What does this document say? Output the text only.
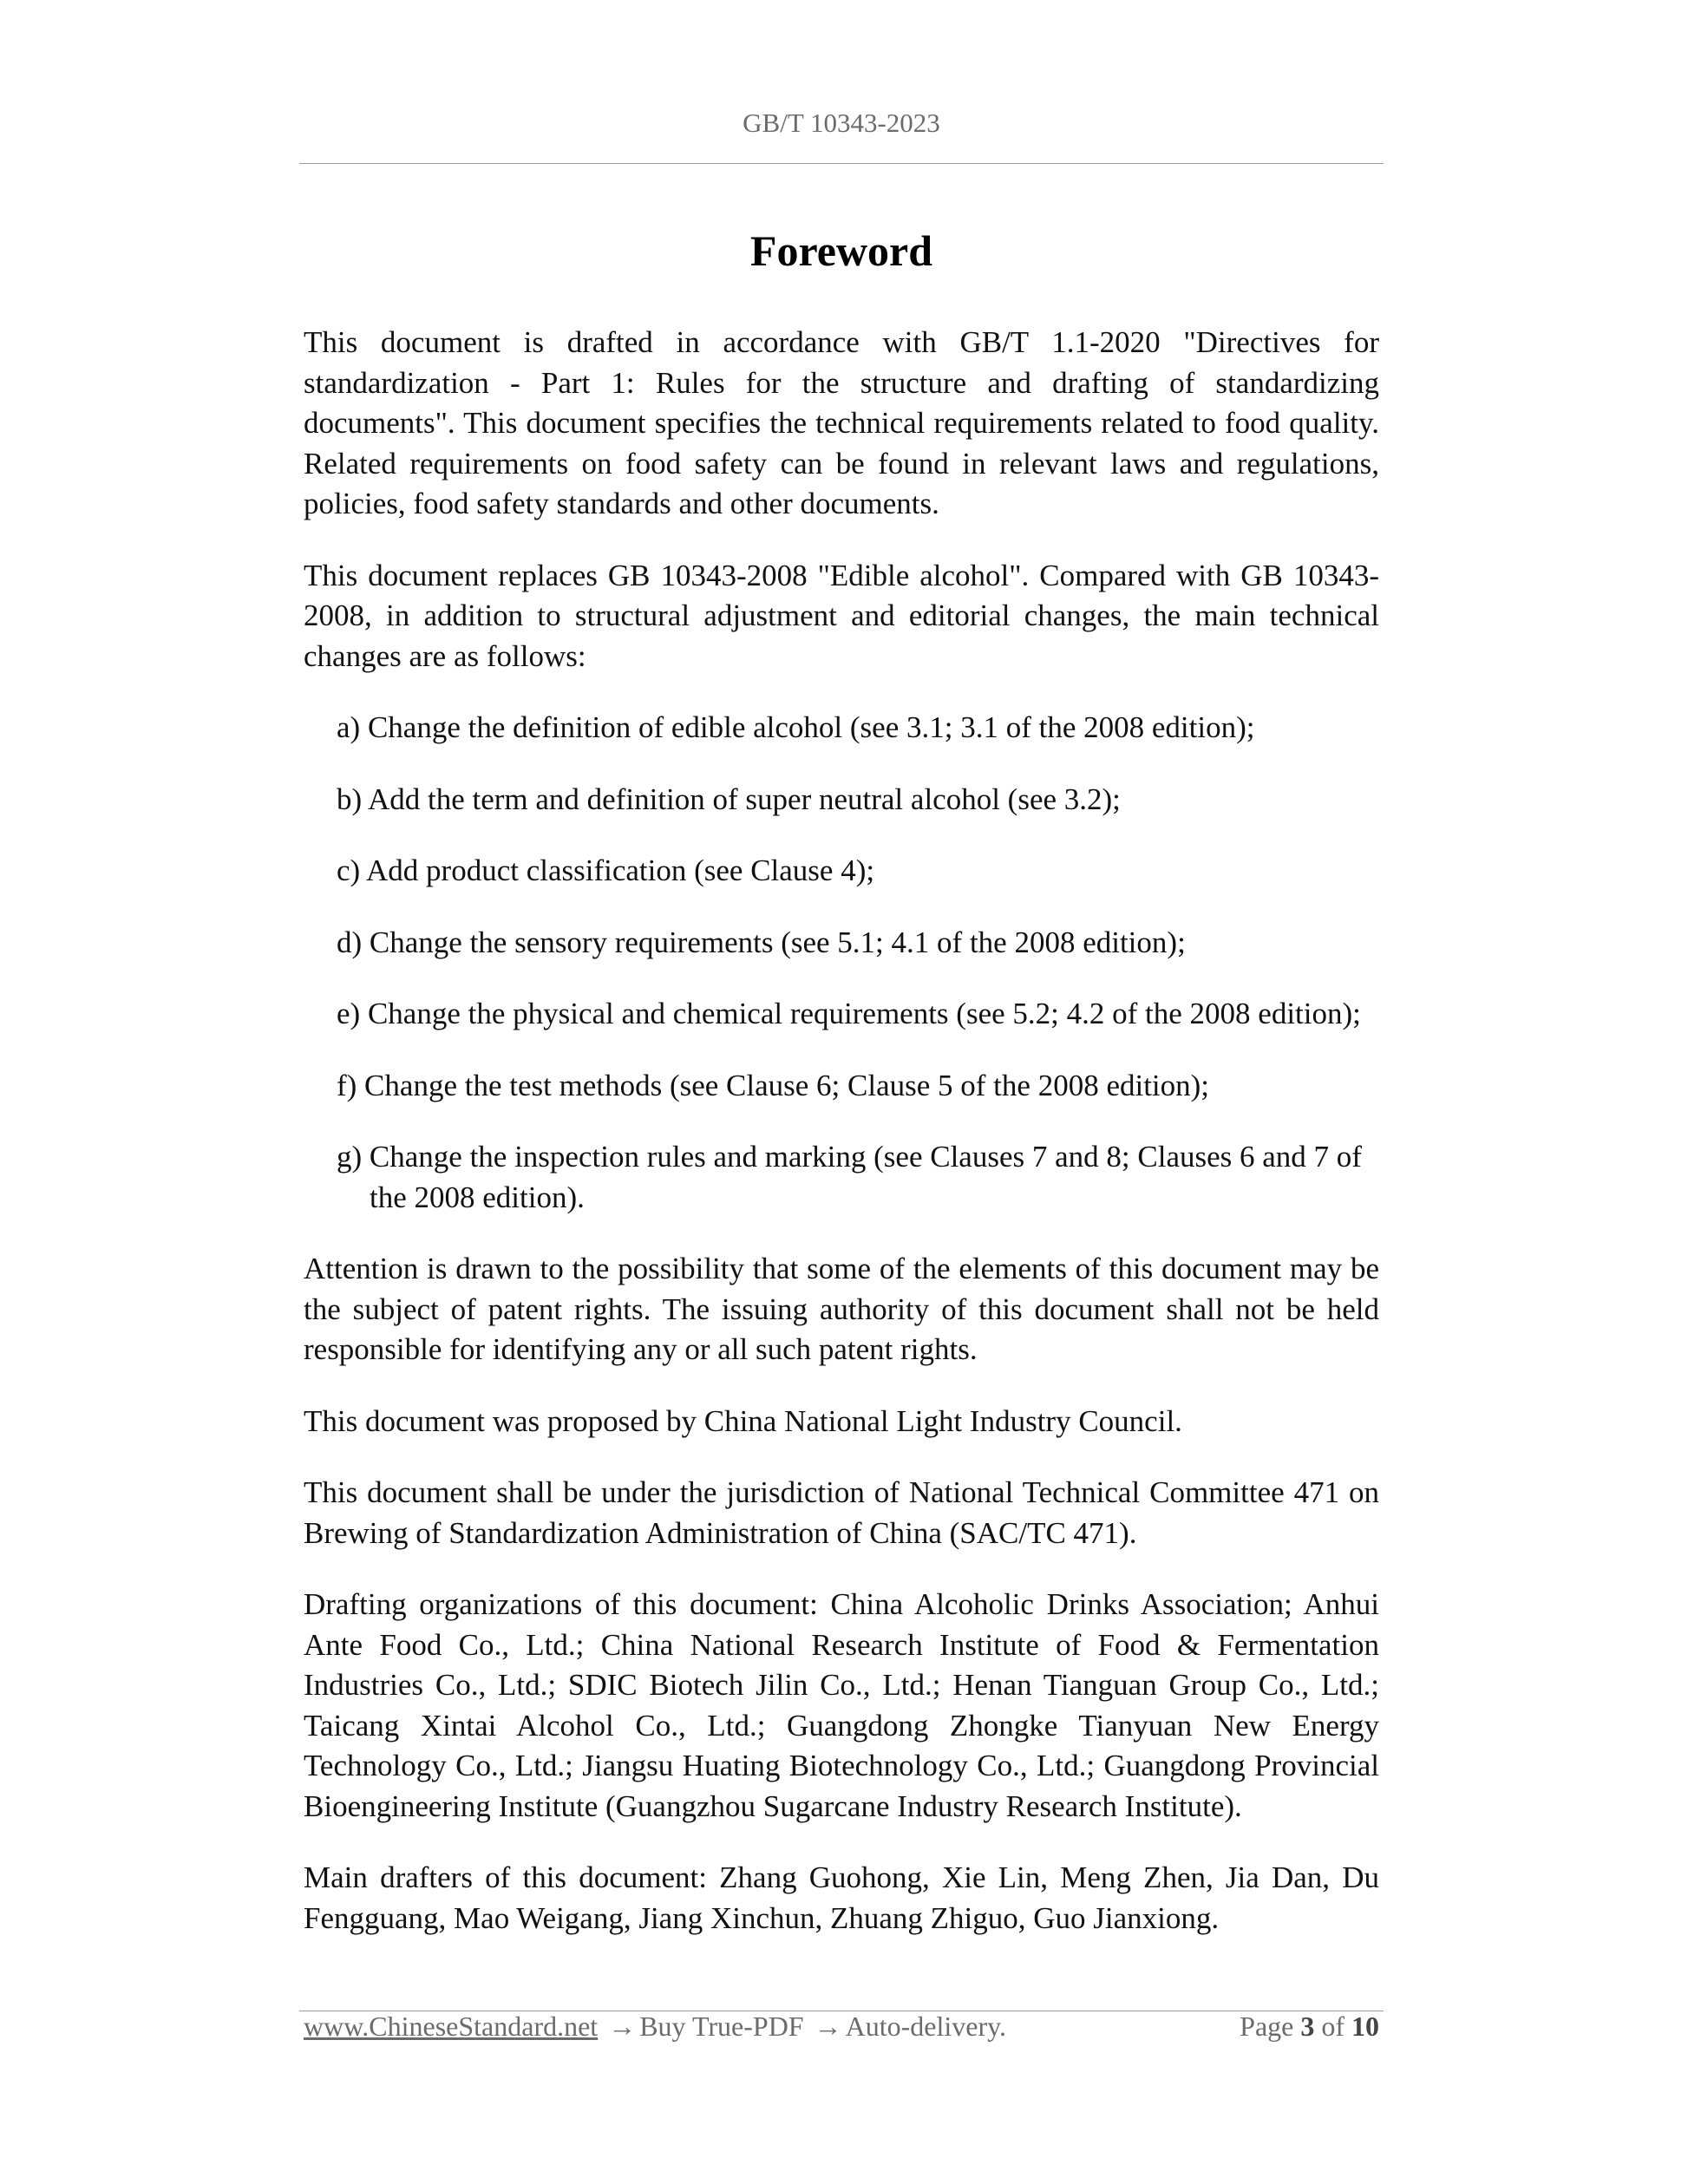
GB/T 10343-2023
Foreword

This document is drafted in accordance with GB/T 1.1-2020 "Directives for standardization - Part 1: Rules for the structure and drafting of standardizing documents". This document specifies the technical requirements related to food quality. Related requirements on food safety can be found in relevant laws and regulations, policies, food safety standards and other documents.

This document replaces GB 10343-2008 "Edible alcohol". Compared with GB 10343-2008, in addition to structural adjustment and editorial changes, the main technical changes are as follows:

a) Change the definition of edible alcohol (see 3.1; 3.1 of the 2008 edition);
b) Add the term and definition of super neutral alcohol (see 3.2);
c) Add product classification (see Clause 4);
d) Change the sensory requirements (see 5.1; 4.1 of the 2008 edition);
e) Change the physical and chemical requirements (see 5.2; 4.2 of the 2008 edition);
f) Change the test methods (see Clause 6; Clause 5 of the 2008 edition);
g) Change the inspection rules and marking (see Clauses 7 and 8; Clauses 6 and 7 of the 2008 edition).

Attention is drawn to the possibility that some of the elements of this document may be the subject of patent rights. The issuing authority of this document shall not be held responsible for identifying any or all such patent rights.

This document was proposed by China National Light Industry Council.

This document shall be under the jurisdiction of National Technical Committee 471 on Brewing of Standardization Administration of China (SAC/TC 471).

Drafting organizations of this document: China Alcoholic Drinks Association; Anhui Ante Food Co., Ltd.; China National Research Institute of Food & Fermentation Industries Co., Ltd.; SDIC Biotech Jilin Co., Ltd.; Henan Tianguan Group Co., Ltd.; Taicang Xintai Alcohol Co., Ltd.; Guangdong Zhongke Tianyuan New Energy Technology Co., Ltd.; Jiangsu Huating Biotechnology Co., Ltd.; Guangdong Provincial Bioengineering Institute (Guangzhou Sugarcane Industry Research Institute).

Main drafters of this document: Zhang Guohong, Xie Lin, Meng Zhen, Jia Dan, Du Fengguang, Mao Weigang, Jiang Xinchun, Zhuang Zhiguo, Guo Jianxiong.

www.ChineseStandard.net → Buy True-PDF → Auto-delivery.	Page 3 of 10
